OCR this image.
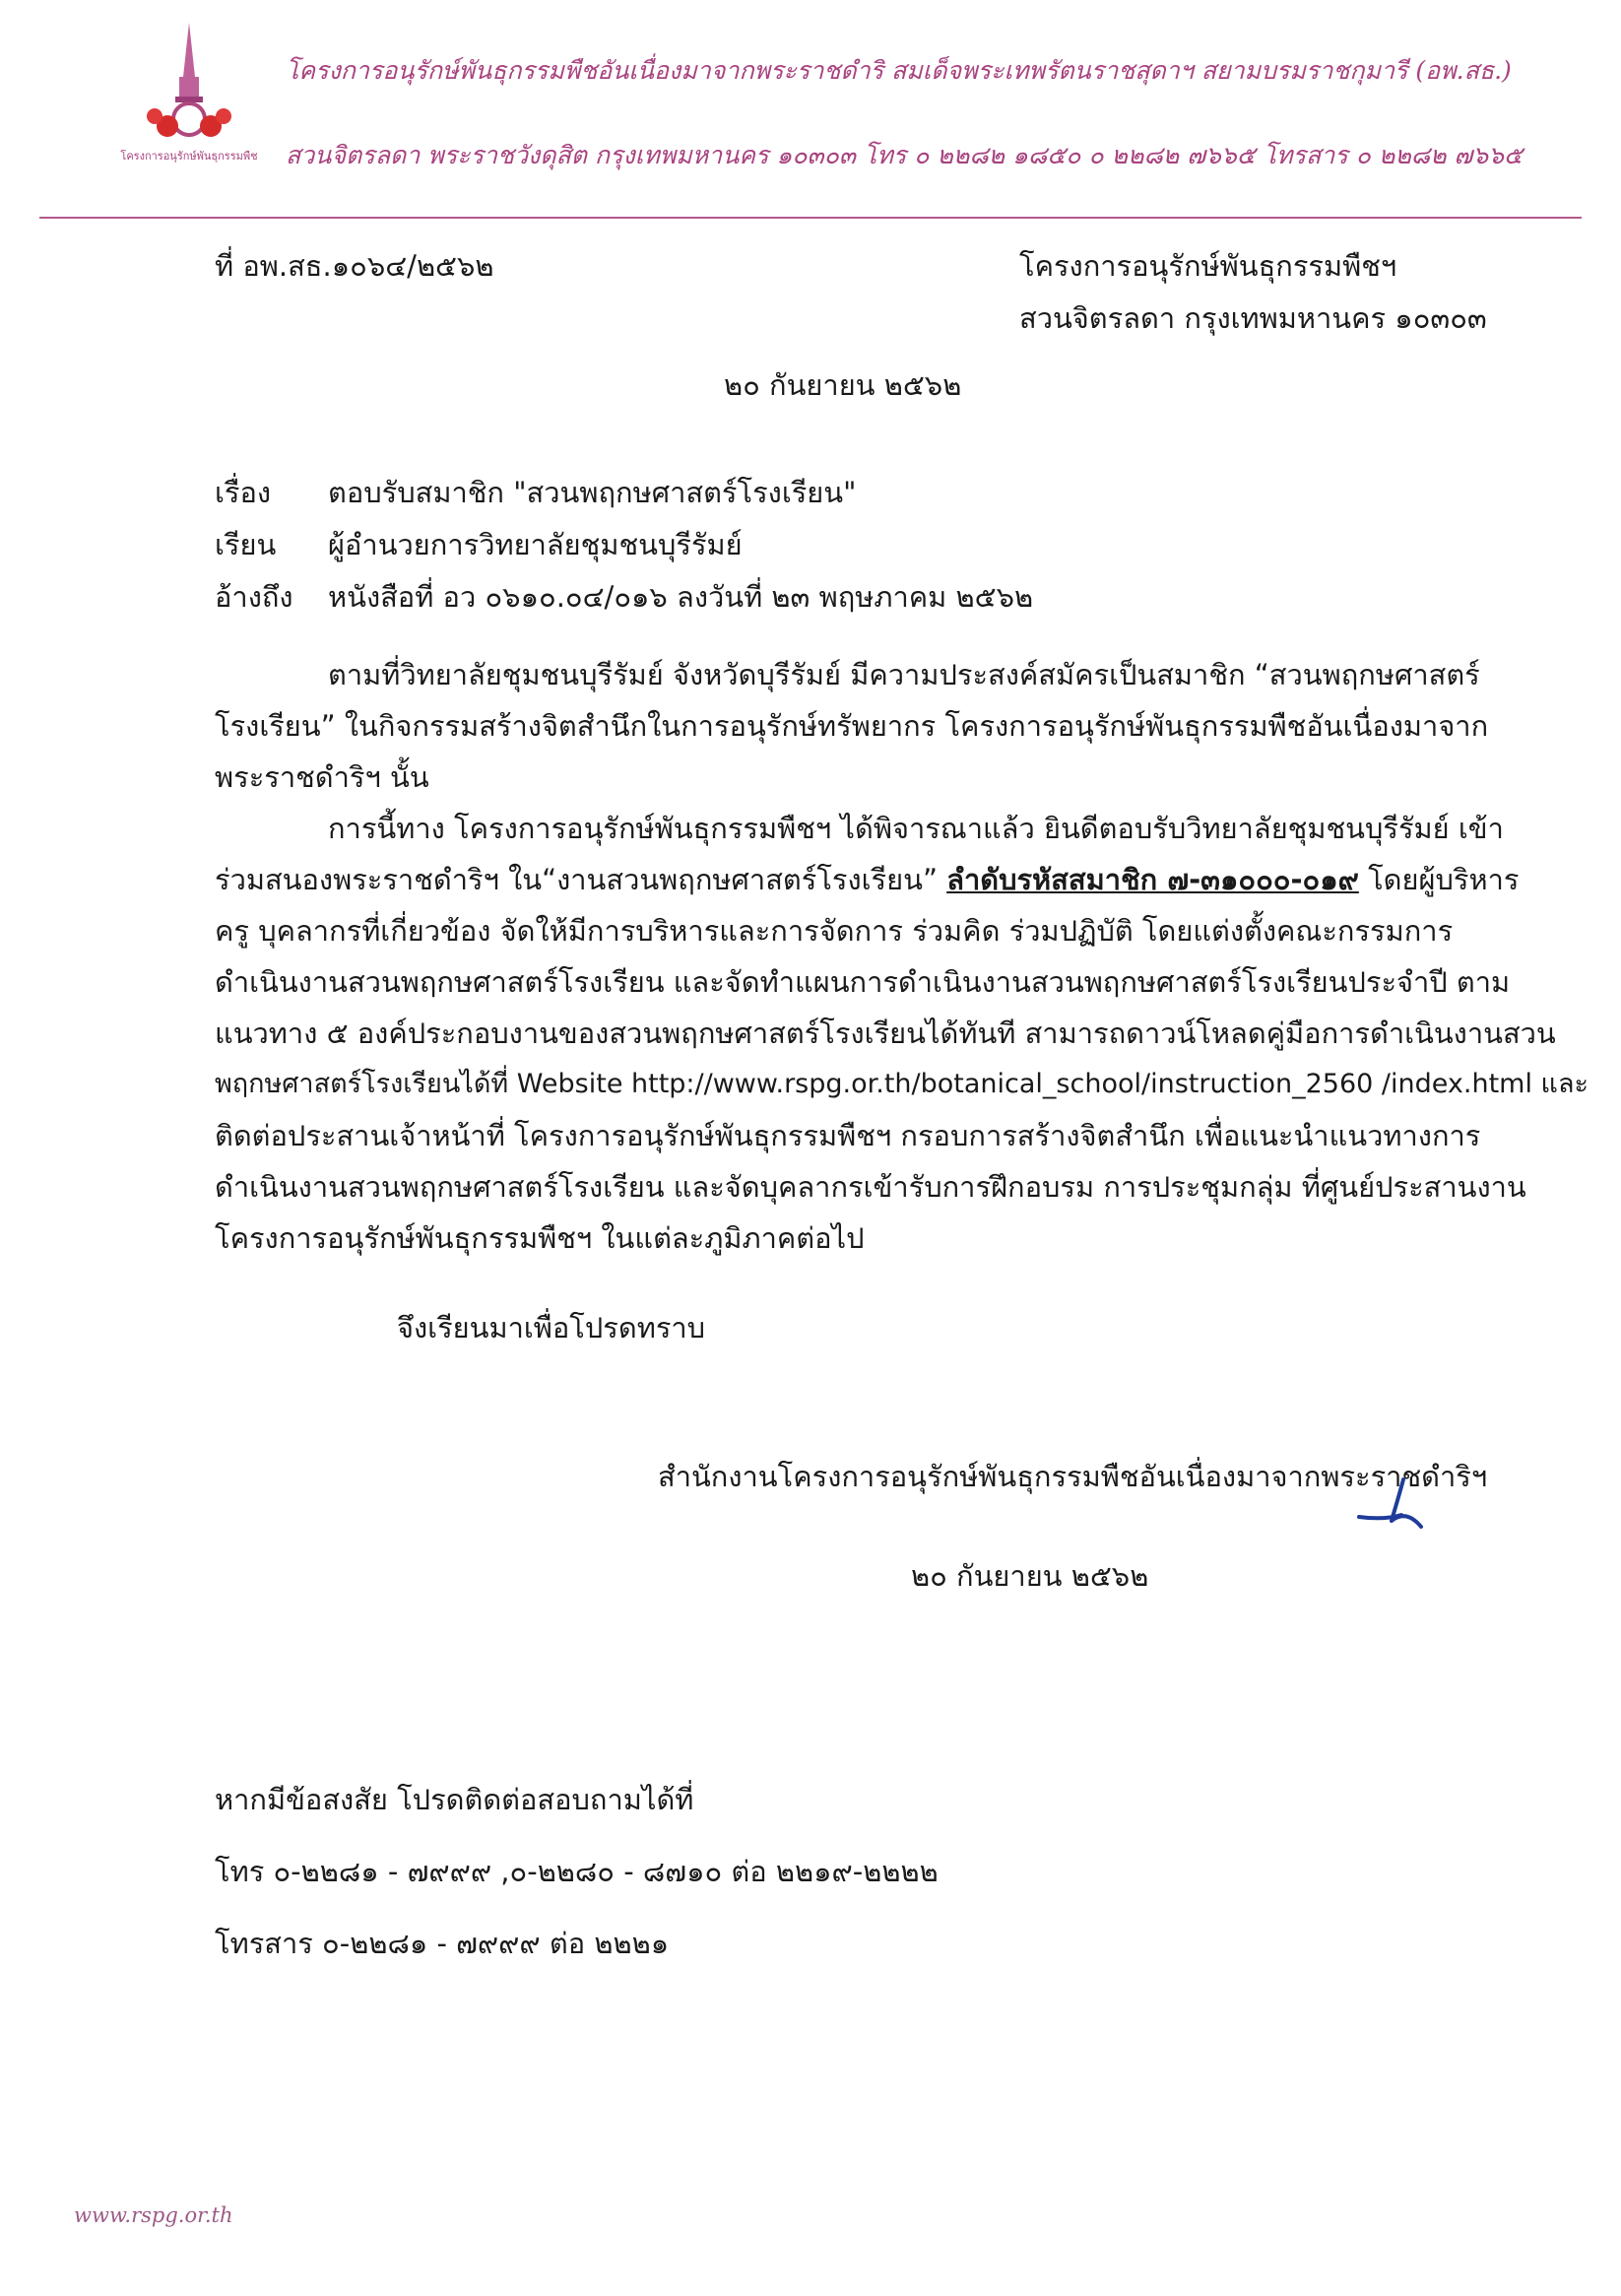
โครงการอนุรักษ์พันธุกรรมพืช
โครงการอนุรักษ์พันธุกรรมพืชอันเนื่องมาจากพระราชดำริ สมเด็จพระเทพรัตนราชสุดาฯ สยามบรมราชกุมารี (อพ.สธ.)
สวนจิตรลดา พระราชวังดุสิต กรุงเทพมหานคร ๑๐๓๐๓ โทร ๐ ๒๒๘๒ ๑๘๕๐ ๐ ๒๒๘๒ ๗๖๖๕ โทรสาร ๐ ๒๒๘๒ ๗๖๖๕
ที่ อพ.สธ.๑๐๖๔/๒๕๖๒	โครงการอนุรักษ์พันธุกรรมพืชฯ
สวนจิตรลดา กรุงเทพมหานคร ๑๐๓๐๓
๒๐ กันยายน ๒๕๖๒
เรื่อง ตอบรับสมาชิก "สวนพฤกษศาสตร์โรงเรียน"
เรียน ผู้อำนวยการวิทยาลัยชุมชนบุรีรัมย์
อ้างถึง หนังสือที่ อว ๐๖๑๐.๐๔/๐๑๖ ลงวันที่ ๒๓ พฤษภาคม ๒๕๖๒
ตามที่วิทยาลัยชุมชนบุรีรัมย์ จังหวัดบุรีรัมย์ มีความประสงค์สมัครเป็นสมาชิก “สวนพฤกษศาสตร์
โรงเรียน” ในกิจกรรมสร้างจิตสำนึกในการอนุรักษ์ทรัพยากร โครงการอนุรักษ์พันธุกรรมพืชอันเนื่องมาจาก
พระราชดำริฯ นั้น
การนี้ทาง โครงการอนุรักษ์พันธุกรรมพืชฯ ได้พิจารณาแล้ว ยินดีตอบรับวิทยาลัยชุมชนบุรีรัมย์ เข้า
ร่วมสนองพระราชดำริฯ ใน“งานสวนพฤกษศาสตร์โรงเรียน” ลำดับรหัสสมาชิก ๗-๓๑๐๐๐-๐๑๙ โดยผู้บริหาร
ครู บุคลากรที่เกี่ยวข้อง จัดให้มีการบริหารและการจัดการ ร่วมคิด ร่วมปฏิบัติ โดยแต่งตั้งคณะกรรมการ
ดำเนินงานสวนพฤกษศาสตร์โรงเรียน และจัดทำแผนการดำเนินงานสวนพฤกษศาสตร์โรงเรียนประจำปี ตาม
แนวทาง ๕ องค์ประกอบงานของสวนพฤกษศาสตร์โรงเรียนได้ทันที สามารถดาวน์โหลดคู่มือการดำเนินงานสวน
พฤกษศาสตร์โรงเรียนได้ที่ Website http://www.rspg.or.th/botanical_school/instruction_2560 /index.html และ
ติดต่อประสานเจ้าหน้าที่ โครงการอนุรักษ์พันธุกรรมพืชฯ กรอบการสร้างจิตสำนึก เพื่อแนะนำแนวทางการ
ดำเนินงานสวนพฤกษศาสตร์โรงเรียน และจัดบุคลากรเข้ารับการฝึกอบรม การประชุมกลุ่ม ที่ศูนย์ประสานงาน
โครงการอนุรักษ์พันธุกรรมพืชฯ ในแต่ละภูมิภาคต่อไป
จึงเรียนมาเพื่อโปรดทราบ
สำนักงานโครงการอนุรักษ์พันธุกรรมพืชอันเนื่องมาจากพระราชดำริฯ
๒๐ กันยายน ๒๕๖๒
หากมีข้อสงสัย โปรดติดต่อสอบถามได้ที่
โทร ๐-๒๒๘๑ - ๗๙๙๙ ,๐-๒๒๘๐ - ๘๗๑๐ ต่อ ๒๒๑๙-๒๒๒๒
โทรสาร ๐-๒๒๘๑ - ๗๙๙๙ ต่อ ๒๒๒๑
www.rspg.or.th
